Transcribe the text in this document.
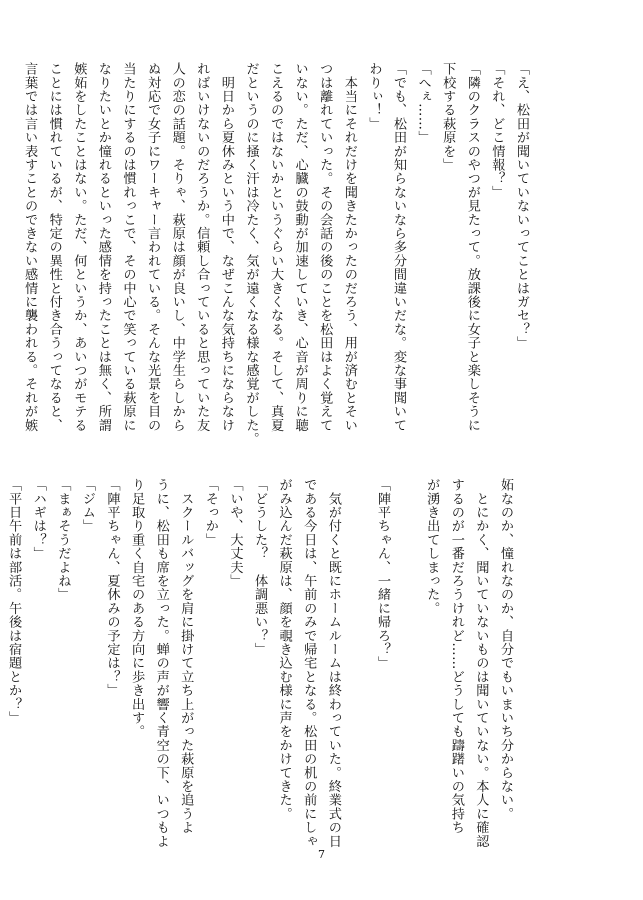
「え、松田が聞いていないってことはガセ？」
「それ、どこ情報？」
「隣のクラスのやつが見たって。放課後に女子と楽しそうに
下校する萩原を」
「へぇ……」
「でも、松田が知らないなら多分間違いだな。変な事聞いて
わりぃ！」
　本当にそれだけを聞きたかったのだろう、用が済むとそい
つは離れていった。その会話の後のことを松田はよく覚えて
いない。ただ、心臓の鼓動が加速していき、心音が周りに聴
こえるのではないかというぐらい大きくなる。そして、真夏
だというのに掻く汗は冷たく、気が遠くなる様な感覚がした。
　明日から夏休みという中で、なぜこんな気持ちにならなけ
ればいけないのだろうか。信頼し合っていると思っていた友
人の恋の話題。そりゃ、萩原は顔が良いし、中学生らしから
ぬ対応で女子にワーキャー言われている。そんな光景を目の
当たりにするのは慣れっこで、その中心で笑っている萩原に
なりたいとか憧れるといった感情を持ったことは無く、所謂
嫉妬をしたことはない。ただ、何というか、あいつがモテる
ことには慣れているが、特定の異性と付き合うってなると、
言葉では言い表すことのできない感情に襲われる。それが嫉
妬なのか、憧れなのか、自分でもいまいち分からない。
　とにかく、聞いていないものは聞いていない。本人に確認
するのが一番だろうけれど……どうしても躊躇いの気持ち
が湧き出てしまった。
「陣平ちゃん、一緒に帰ろ？」
　気が付くと既にホームルームは終わっていた。終業式の日
である今日は、午前のみで帰宅となる。松田の机の前にしゃ
がみ込んだ萩原は、顔を覗き込む様に声をかけてきた。
「どうした？　体調悪い？」
「いや、大丈夫」
「そっか」
　スクールバッグを肩に掛けて立ち上がった萩原を追うよ
うに、松田も席を立った。蝉の声が響く青空の下、いつもよ
り足取り重く自宅のある方向に歩き出す。
「陣平ちゃん、夏休みの予定は？」
「ジム」
「まぁそうだよね」
「ハギは？」
「平日午前は部活。午後は宿題とか？」
7
